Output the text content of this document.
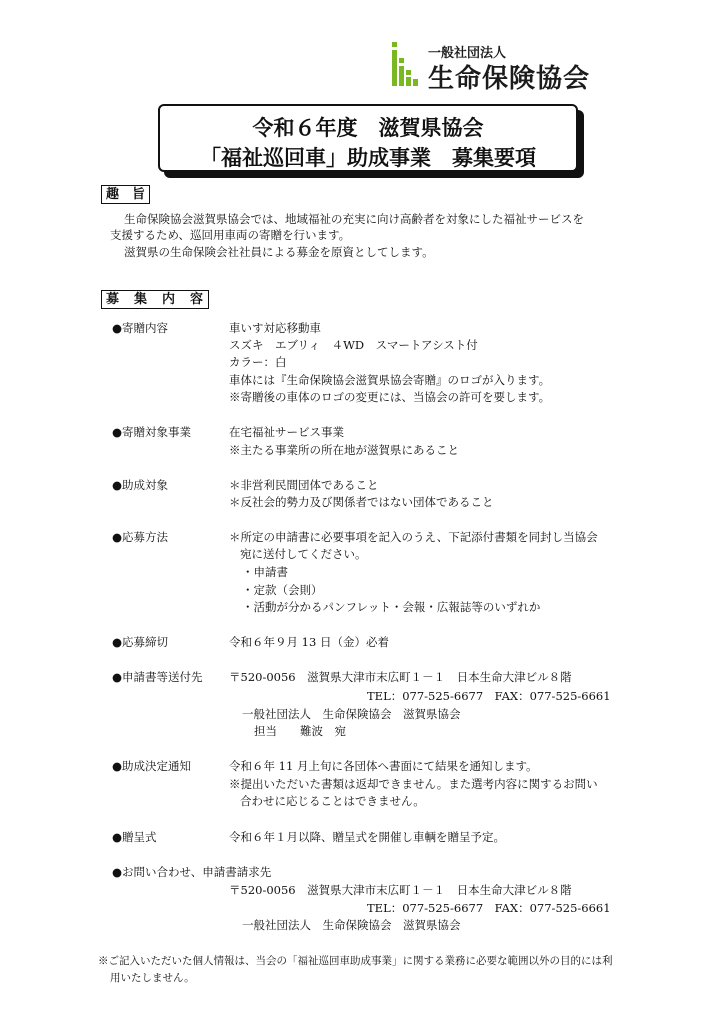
一般社団法人
生命保険協会
令和６年度　滋賀県協会
「福祉巡回車」助成事業　募集要項
趣　旨
生命保険協会滋賀県協会では、地域福祉の充実に向け高齢者を対象にした福祉サービスを
支援するため、巡回用車両の寄贈を行います。
滋賀県の生命保険会社社員による募金を原資としてします。
募　集　内　容
● 寄贈内容	車いす対応移動車
スズキ　エブリィ　４WD　スマートアシスト付
カラー：白
車体には『生命保険協会滋賀県協会寄贈』のロゴが入ります。
※寄贈後の車体のロゴの変更には、当協会の許可を要します。
● 寄贈対象事業	在宅福祉サービス事業
※主たる事業所の所在地が滋賀県にあること
● 助成対象	＊非営利民間団体であること
＊反社会的勢力及び関係者ではない団体であること
● 応募方法	＊所定の申請書に必要事項を記入のうえ、下記添付書類を同封し当協会
宛に送付してください。
・申請書
・定款（会則）
・活動が分かるパンフレット・会報・広報誌等のいずれか
● 応募締切	令和６年９月 13 日（金）必着
● 申請書等送付先 〒520-0056　滋賀県大津市末広町１－１　日本生命大津ビル８階
TEL：077-525-6677　FAX：077-525-6661
一般社団法人　生命保険協会　滋賀県協会
担当　　難波　宛
● 助成決定通知	令和６年 11 月上旬に各団体へ書面にて結果を通知します。
※提出いただいた書類は返却できません。また選考内容に関するお問い
合わせに応じることはできません。
● 贈呈式	令和６年１月以降、贈呈式を開催し車輌を贈呈予定。
● お問い合わせ、申請書請求先
〒520-0056　滋賀県大津市末広町１－１　日本生命大津ビル８階
TEL：077-525-6677　FAX：077-525-6661
一般社団法人　生命保険協会　滋賀県協会
※ご記入いただいた個人情報は、当会の「福祉巡回車助成事業」に関する業務に必要な範囲以外の目的には利
用いたしません。
